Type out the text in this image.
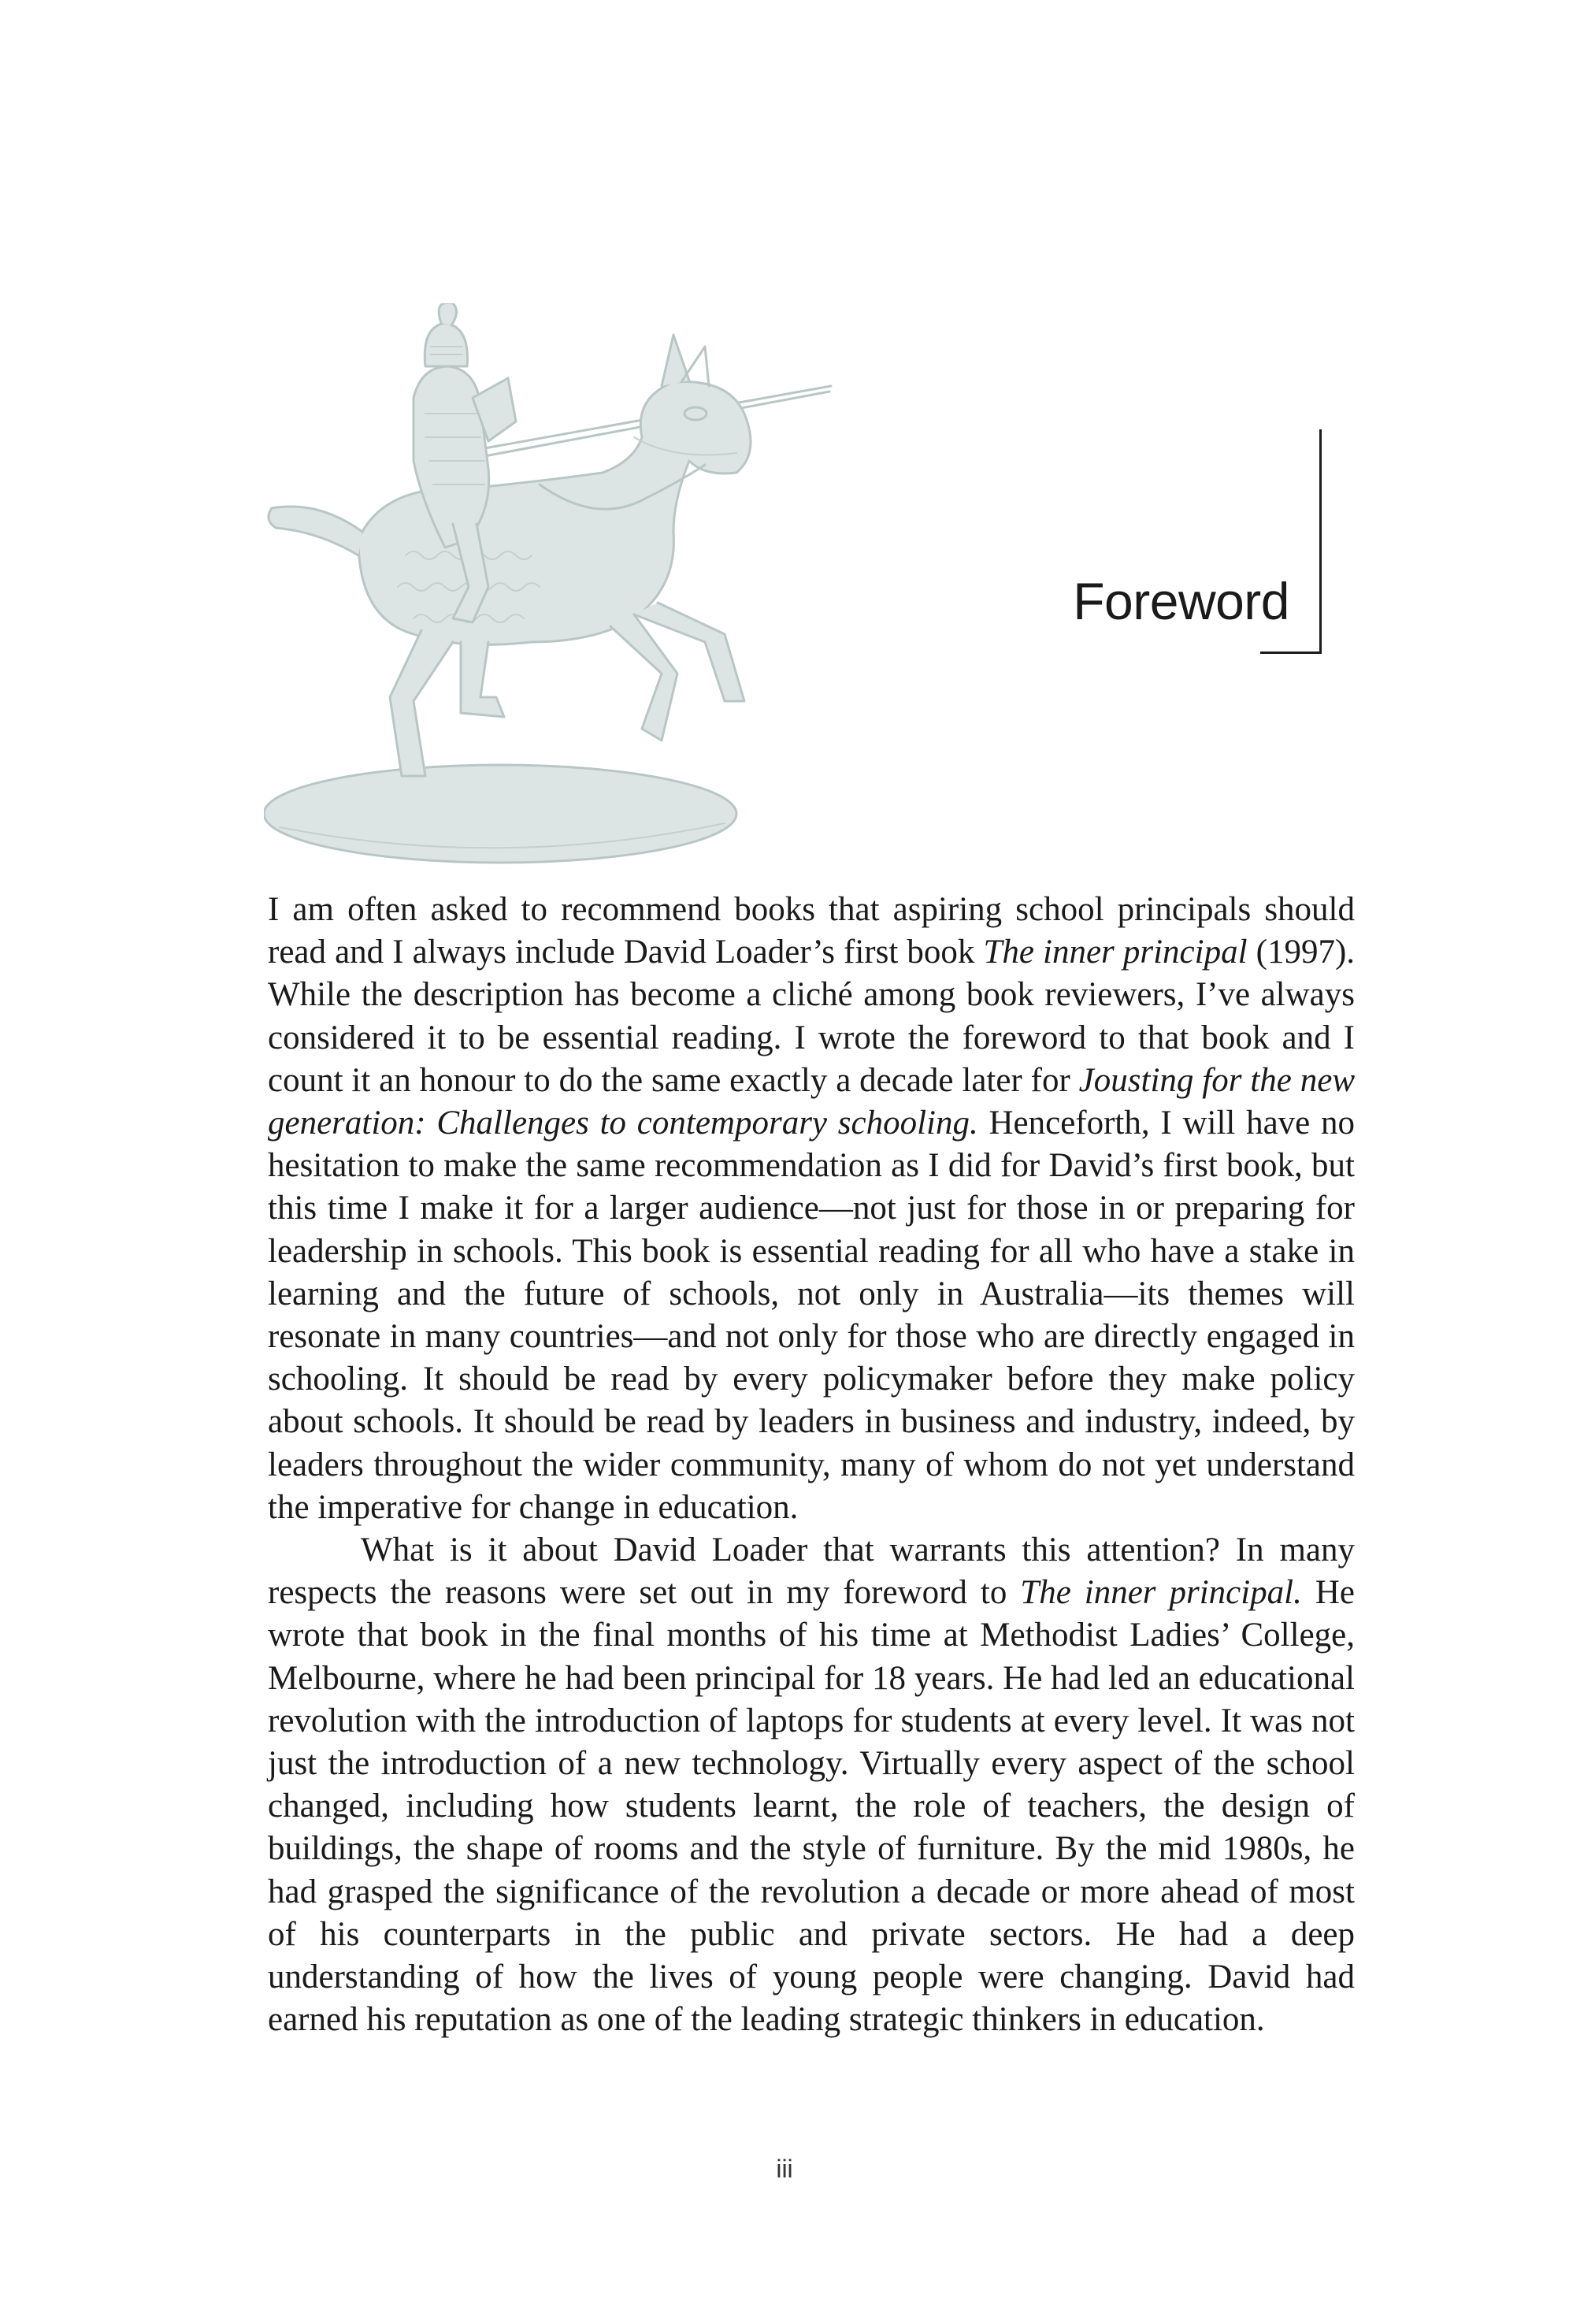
Foreword

I am often asked to recommend books that aspiring school principals should read and I always include David Loader’s first book The inner principal (1997). While the description has become a cliché among book reviewers, I’ve always considered it to be essential reading. I wrote the foreword to that book and I count it an honour to do the same exactly a decade later for Jousting for the new generation: Challenges to contemporary schooling. Henceforth, I will have no hesitation to make the same recommendation as I did for David’s first book, but this time I make it for a larger audience—not just for those in or preparing for leadership in schools. This book is essential reading for all who have a stake in learning and the future of schools, not only in Australia—its themes will resonate in many countries—and not only for those who are directly engaged in schooling. It should be read by every policymaker before they make policy about schools. It should be read by leaders in business and industry, indeed, by leaders throughout the wider community, many of whom do not yet understand the imperative for change in education.

What is it about David Loader that warrants this attention? In many respects the reasons were set out in my foreword to The inner principal. He wrote that book in the final months of his time at Methodist Ladies’ College, Melbourne, where he had been principal for 18 years. He had led an educational revolution with the introduction of laptops for students at every level. It was not just the introduction of a new technology. Virtually every aspect of the school changed, including how students learnt, the role of teachers, the design of buildings, the shape of rooms and the style of furniture. By the mid 1980s, he had grasped the significance of the revolution a decade or more ahead of most of his counterparts in the public and private sectors. He had a deep understanding of how the lives of young people were changing. David had earned his reputation as one of the leading strategic thinkers in education.

iii
